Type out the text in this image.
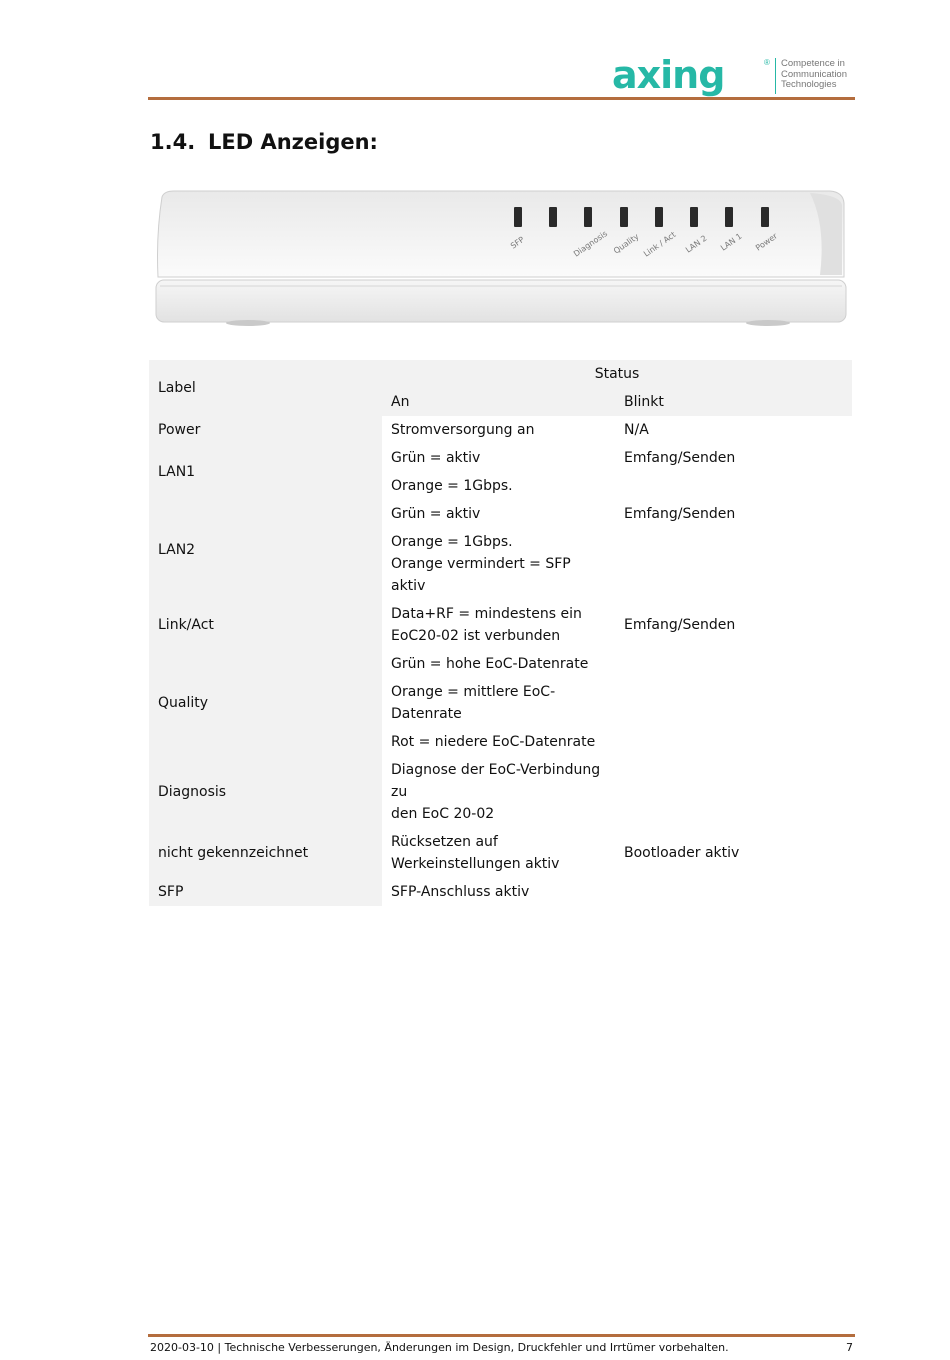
axing	® Competence in
Communication
Technologies
1.4. LED Anzeigen:
SFP	Diagnosis Quality Link / Act LAN 2 LAN 1 Power
Label	Status	
	An	Blinkt
Power	Stromversorgung an	N/A
LAN1	Grün = aktiv	Emfang/Senden
	Orange = 1Gbps.	
LAN2	Grün = aktiv	Emfang/Senden

	Orange = 1Gbps.
Orange vermindert = SFP aktiv	

Link/Act	Data+RF = mindestens ein
EoC20-02 ist verbunden	Emfang/Senden
Quality	Grün = hohe EoC-Datenrate	
	Orange = mittlere EoC-Datenrate	
	Rot = niedere EoC-Datenrate	
Diagnosis	Diagnose der EoC-Verbindung zu
den EoC 20-02	

nicht gekennzeichnet	Rücksetzen auf
Werkeinstellungen aktiv	Bootloader aktiv
SFP	SFP-Anschluss aktiv	
2020-03-10 | Technische Verbesserungen, Änderungen im Design, Druckfehler und Irrtümer vorbehalten.	7
